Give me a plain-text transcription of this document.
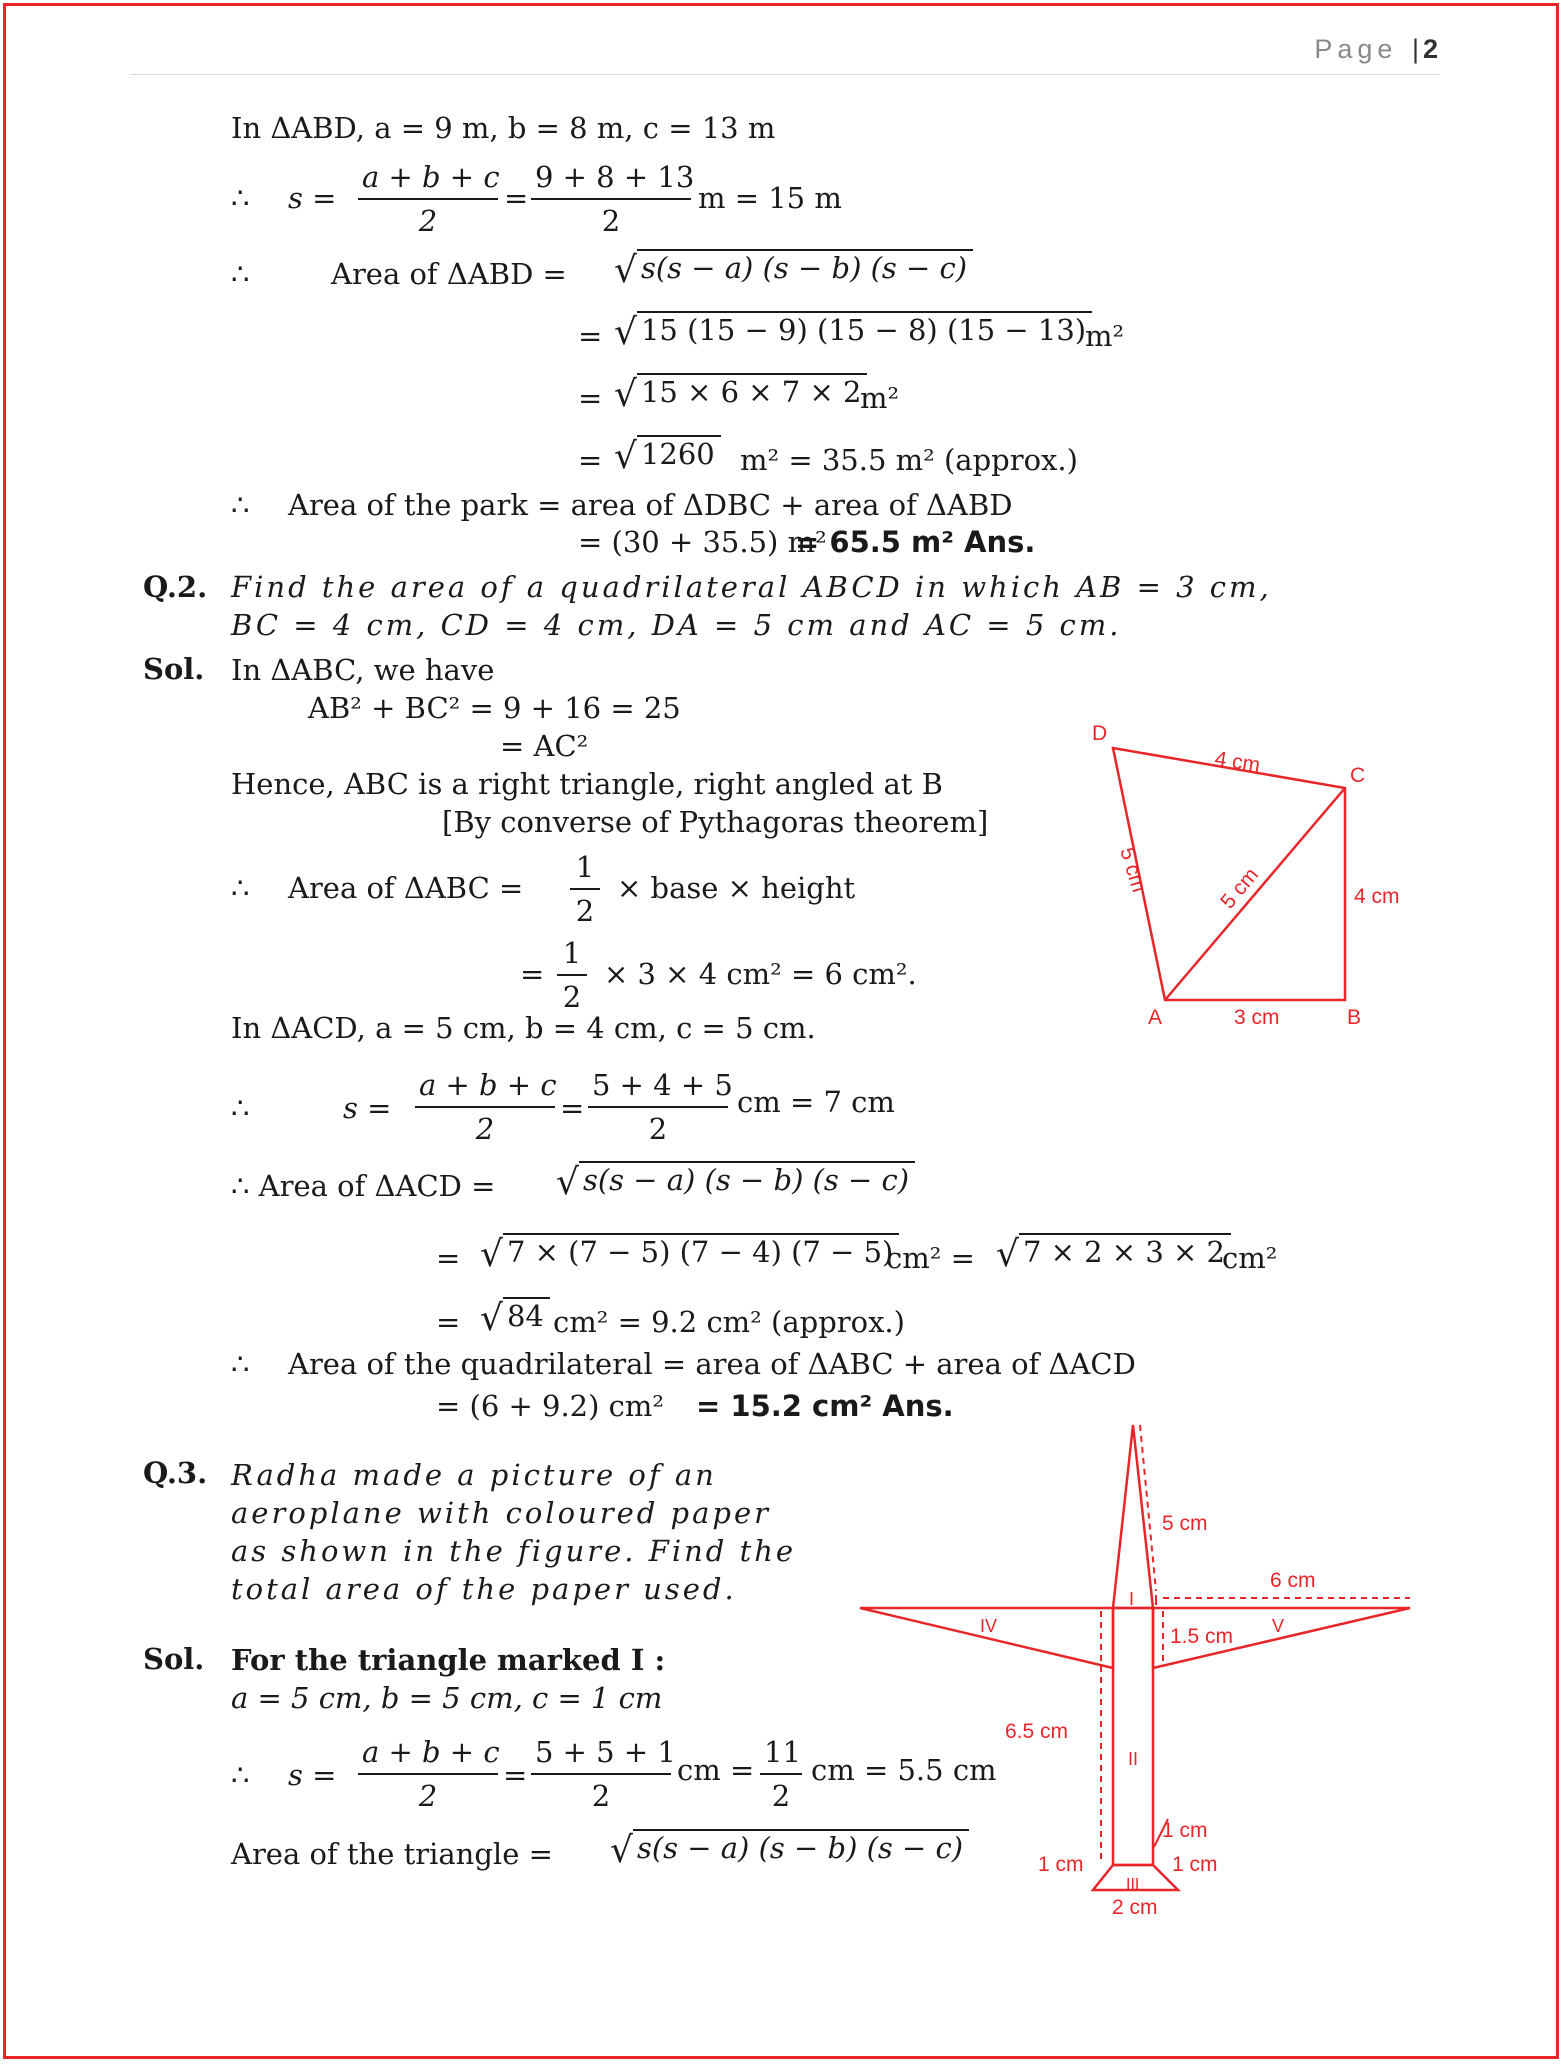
Page | 2
In ΔABD, a = 9 m, b = 8 m, c = 13 m
∴ $s = \frac{a + b + c}{2} = \frac{9 + 8 + 13}{2}$ m = 15 m
∴	Area of ΔABD = √ s(s − a) (s − b) (s − c)
= √ 15 (15 − 9) (15 − 8) (15 − 13)
m²
= √ 15 × 6 × 7 × 2
m²
= √ 1260 m² = 35.5 m² (approx.)
∴ Area of the park = area of ΔDBC + area of ΔABD
= (30 + 35.5) m²
= 65.5 m² Ans.
Q.2. Find the area of a quadrilateral ABCD in which AB = 3 cm,
BC = 4 cm, CD = 4 cm, DA = 5 cm and AC = 5 cm.
Sol. In ΔABC, we have
AB² + BC² = 9 + 16 = 25
= AC²
Hence, ABC is a right triangle, right angled at B
[By converse of Pythagoras theorem]
∴ Area of $\Delta ABC = \frac{1}{2}$ × base × height
= $\frac{1}{2} \times 3 \times 4$ cm² = 6 cm².
In ΔACD, a = 5 cm, b = 4 cm, c = 5 cm.
∴	$s = \frac{a + b + c}{2} = \frac{5 + 4 + 5}{2}$ cm = 7 cm
∴ Area of ΔACD = √ s(s − a) (s − b) (s − c)
= √ 7 × (7 − 5) (7 − 4) (7 − 5)
cm² = √ 7 × 2 × 3 × 2
cm²
= √ 84 cm² = 9.2 cm² (approx.)
∴ Area of the quadrilateral = area of ΔABC + area of ΔACD
= (6 + 9.2) cm² = 15.2 cm² Ans.
D
C
B
A
4 cm
4 cm
3 cm
5 cm	5 cm
Q.3. Radha made a picture of an
aeroplane with coloured paper
as shown in the figure. Find the
total area of the paper used.
Sol. For the triangle marked I :
a = 5 cm, b = 5 cm, c = 1 cm
∴ $s = \frac{a + b + c}{2} = \frac{5 + 5 + 1}{2}$ cm = $\frac{11}{2}$ cm = 5.5 cm
Area of the triangle = √ s(s − a) (s − b) (s − c)
I
II
III
IV	V
5 cm
6 cm
1.5 cm
6.5 cm
1 cm
1 cm
1 cm
2 cm
